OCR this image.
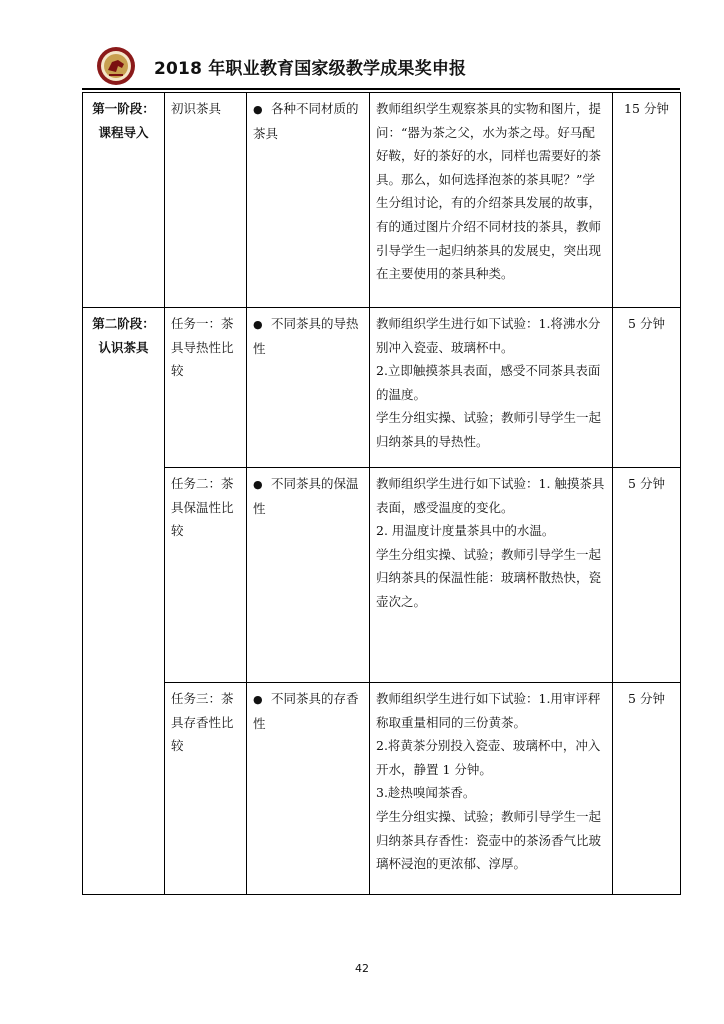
2018 年职业教育国家级教学成果奖申报
第一阶段：课程导入	初识茶具	● 各种不同材质的茶具	教师组织学生观察茶具的实物和图片，提问：“器为茶之父，水为茶之母。好马配好鞍，好的茶好的水，同样也需要好的茶具。那么，如何选择泡茶的茶具呢？”学生分组讨论，有的介绍茶具发展的故事，有的通过图片介绍不同材技的茶具，教师引导学生一起归纳茶具的发展史，突出现在主要使用的茶具种类。	15 分钟
第二阶段：认识茶具	任务一：茶具导热性比较	● 不同茶具的导热性	教师组织学生进行如下试验：1.将沸水分别冲入瓷壶、玻璃杯中。

2.立即触摸茶具表面，感受不同茶具表面的温度。

学生分组实操、试验；教师引导学生一起归纳茶具的导热性。	5 分钟
	任务二：茶具保温性比较	● 不同茶具的保温性	教师组织学生进行如下试验：1. 触摸茶具表面，感受温度的变化。

2. 用温度计度量茶具中的水温。

学生分组实操、试验；教师引导学生一起归纳茶具的保温性能：玻璃杯散热快，瓷壶次之。	5 分钟
	任务三：茶具存香性比较	● 不同茶具的存香性	教师组织学生进行如下试验：1.用审评秤称取重量相同的三份黄茶。

2.将黄茶分别投入瓷壶、玻璃杯中，冲入开水，静置 1 分钟。

3.趁热嗅闻茶香。

学生分组实操、试验；教师引导学生一起归纳茶具存香性：瓷壶中的茶汤香气比玻璃杯浸泡的更浓郁、淳厚。	5 分钟
42
